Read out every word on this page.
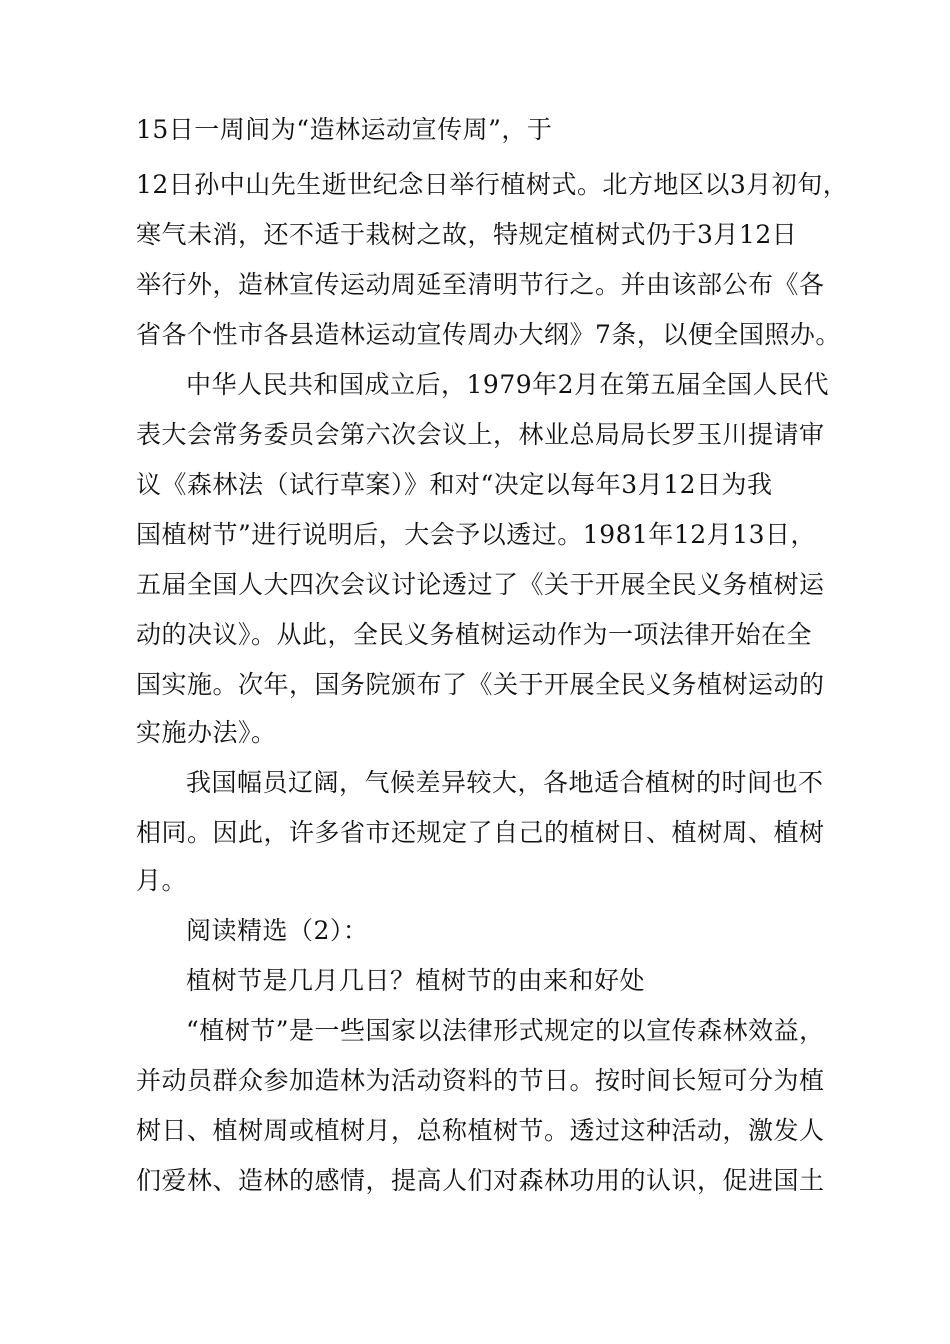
15日一周间为“造林运动宣传周”，于
12日孙中山先生逝世纪念日举行植树式。北方地区以3月初旬，
寒气未消，还不适于栽树之故，特规定植树式仍于3月12日
举行外，造林宣传运动周延至清明节行之。并由该部公布《各
省各个性市各县造林运动宣传周办大纲》7条，以便全国照办。
中华人民共和国成立后，1979年2月在第五届全国人民代
表大会常务委员会第六次会议上，林业总局局长罗玉川提请审
议《森林法（试行草案）》和对“决定以每年3月12日为我
国植树节”进行说明后，大会予以透过。1981年12月13日，
五届全国人大四次会议讨论透过了《关于开展全民义务植树运
动的决议》。从此，全民义务植树运动作为一项法律开始在全
国实施。次年，国务院颁布了《关于开展全民义务植树运动的
实施办法》。
我国幅员辽阔，气候差异较大，各地适合植树的时间也不
相同。因此，许多省市还规定了自己的植树日、植树周、植树
月。
阅读精选（2）：
植树节是几月几日？植树节的由来和好处
“植树节”是一些国家以法律形式规定的以宣传森林效益，
并动员群众参加造林为活动资料的节日。按时间长短可分为植
树日、植树周或植树月，总称植树节。透过这种活动，激发人
们爱林、造林的感情，提高人们对森林功用的认识，促进国土
